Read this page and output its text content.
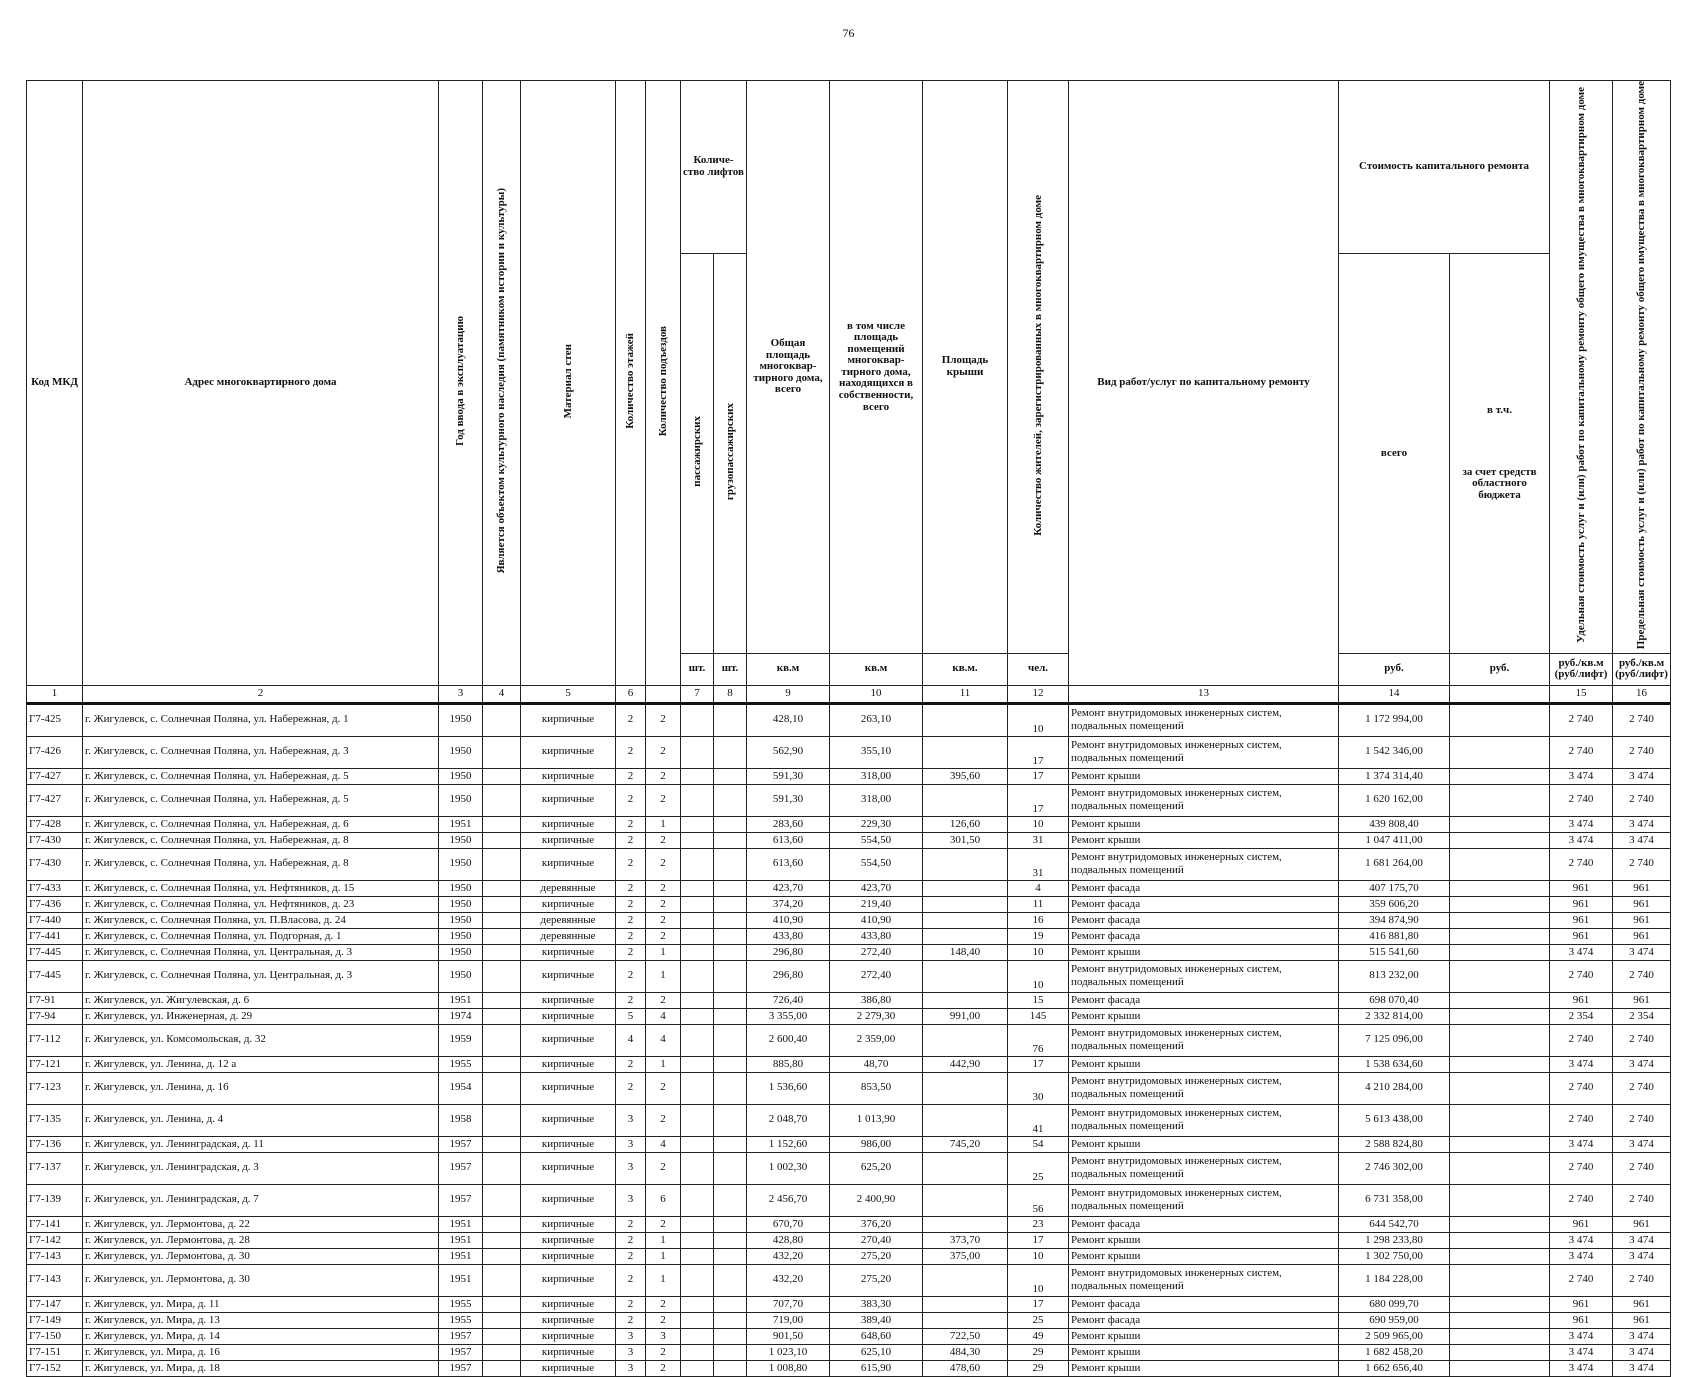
76
Код МКД	Адрес многоквартирного дома	Год ввода в эксплуатацию	Является объектом культурного наследия (памятником истории и культуры)	Материал стен	Количество этажей	Количество подъездов	Количе-ство лифтов		Общая площадь многоквар-тирного дома, всего	в том числе площадь помещений многоквар-тирного дома, находящихся в собственности, всего	Площадь крыши	Количество жителей, зарегистрированных в многоквартирном доме	Вид работ/услуг по капитальному ремонту	Стоимость капитального ремонта		Удельная стоимость услуг и (или) работ по капитальному ремонту общего имущества в многоквартирном доме	Предельная стоимость услуг и (или) работ по капитальному ремонту общего имущества в многоквартирном доме
							пассажирских	грузопассажирских						всего	в т.ч.
за счет средств областного бюджета		

							шт.	шт.	кв.м	кв.м	кв.м.	чел.		руб.	руб.	руб./кв.м (руб/лифт)	руб./кв.м (руб/лифт)
1	2	3	4	5	6		7	8	9	10	11	12	13	14		15	16
Г7-425	г. Жигулевск, с. Солнечная Поляна, ул. Набережная, д. 1	1950		кирпичные	2	2			428,10	263,10		10	Ремонт внутридомовых инженерных систем, подвальных помещений	1 172 994,00		2 740	2 740
Г7-426	г. Жигулевск, с. Солнечная Поляна, ул. Набережная, д. 3	1950		кирпичные	2	2			562,90	355,10		17	Ремонт внутридомовых инженерных систем, подвальных помещений	1 542 346,00		2 740	2 740
Г7-427	г. Жигулевск, с. Солнечная Поляна, ул. Набережная, д. 5	1950		кирпичные	2	2			591,30	318,00	395,60	17	Ремонт крыши	1 374 314,40		3 474	3 474
Г7-427	г. Жигулевск, с. Солнечная Поляна, ул. Набережная, д. 5	1950		кирпичные	2	2			591,30	318,00		17	Ремонт внутридомовых инженерных систем, подвальных помещений	1 620 162,00		2 740	2 740
Г7-428	г. Жигулевск, с. Солнечная Поляна, ул. Набережная, д. 6	1951		кирпичные	2	1			283,60	229,30	126,60	10	Ремонт крыши	439 808,40		3 474	3 474
Г7-430	г. Жигулевск, с. Солнечная Поляна, ул. Набережная, д. 8	1950		кирпичные	2	2			613,60	554,50	301,50	31	Ремонт крыши	1 047 411,00		3 474	3 474
Г7-430	г. Жигулевск, с. Солнечная Поляна, ул. Набережная, д. 8	1950		кирпичные	2	2			613,60	554,50		31	Ремонт внутридомовых инженерных систем, подвальных помещений	1 681 264,00		2 740	2 740
Г7-433	г. Жигулевск, с. Солнечная Поляна, ул. Нефтяников, д. 15	1950		деревянные	2	2			423,70	423,70		4	Ремонт фасада	407 175,70		961	961
Г7-436	г. Жигулевск, с. Солнечная Поляна, ул. Нефтяников, д. 23	1950		кирпичные	2	2			374,20	219,40		11	Ремонт фасада	359 606,20		961	961
Г7-440	г. Жигулевск, с. Солнечная Поляна, ул. П.Власова, д. 24	1950		деревянные	2	2			410,90	410,90		16	Ремонт фасада	394 874,90		961	961
Г7-441	г. Жигулевск, с. Солнечная Поляна, ул. Подгорная, д. 1	1950		деревянные	2	2			433,80	433,80		19	Ремонт фасада	416 881,80		961	961
Г7-445	г. Жигулевск, с. Солнечная Поляна, ул. Центральная, д. 3	1950		кирпичные	2	1			296,80	272,40	148,40	10	Ремонт крыши	515 541,60		3 474	3 474
Г7-445	г. Жигулевск, с. Солнечная Поляна, ул. Центральная, д. 3	1950		кирпичные	2	1			296,80	272,40		10	Ремонт внутридомовых инженерных систем, подвальных помещений	813 232,00		2 740	2 740
Г7-91	г. Жигулевск, ул. Жигулевская, д. 6	1951		кирпичные	2	2			726,40	386,80		15	Ремонт фасада	698 070,40		961	961
Г7-94	г. Жигулевск, ул. Инженерная, д. 29	1974		кирпичные	5	4			3 355,00	2 279,30	991,00	145	Ремонт крыши	2 332 814,00		2 354	2 354
Г7-112	г. Жигулевск, ул. Комсомольская, д. 32	1959		кирпичные	4	4			2 600,40	2 359,00		76	Ремонт внутридомовых инженерных систем, подвальных помещений	7 125 096,00		2 740	2 740
Г7-121	г. Жигулевск, ул. Ленина, д. 12 а	1955		кирпичные	2	1			885,80	48,70	442,90	17	Ремонт крыши	1 538 634,60		3 474	3 474
Г7-123	г. Жигулевск, ул. Ленина, д. 16	1954		кирпичные	2	2			1 536,60	853,50		30	Ремонт внутридомовых инженерных систем, подвальных помещений	4 210 284,00		2 740	2 740
Г7-135	г. Жигулевск, ул. Ленина, д. 4	1958		кирпичные	3	2			2 048,70	1 013,90		41	Ремонт внутридомовых инженерных систем, подвальных помещений	5 613 438,00		2 740	2 740
Г7-136	г. Жигулевск, ул. Ленинградская, д. 11	1957		кирпичные	3	4			1 152,60	986,00	745,20	54	Ремонт крыши	2 588 824,80		3 474	3 474
Г7-137	г. Жигулевск, ул. Ленинградская, д. 3	1957		кирпичные	3	2			1 002,30	625,20		25	Ремонт внутридомовых инженерных систем, подвальных помещений	2 746 302,00		2 740	2 740
Г7-139	г. Жигулевск, ул. Ленинградская, д. 7	1957		кирпичные	3	6			2 456,70	2 400,90		56	Ремонт внутридомовых инженерных систем, подвальных помещений	6 731 358,00		2 740	2 740
Г7-141	г. Жигулевск, ул. Лермонтова, д. 22	1951		кирпичные	2	2			670,70	376,20		23	Ремонт фасада	644 542,70		961	961
Г7-142	г. Жигулевск, ул. Лермонтова, д. 28	1951		кирпичные	2	1			428,80	270,40	373,70	17	Ремонт крыши	1 298 233,80		3 474	3 474
Г7-143	г. Жигулевск, ул. Лермонтова, д. 30	1951		кирпичные	2	1			432,20	275,20	375,00	10	Ремонт крыши	1 302 750,00		3 474	3 474
Г7-143	г. Жигулевск, ул. Лермонтова, д. 30	1951		кирпичные	2	1			432,20	275,20		10	Ремонт внутридомовых инженерных систем, подвальных помещений	1 184 228,00		2 740	2 740
Г7-147	г. Жигулевск, ул. Мира, д. 11	1955		кирпичные	2	2			707,70	383,30		17	Ремонт фасада	680 099,70		961	961
Г7-149	г. Жигулевск, ул. Мира, д. 13	1955		кирпичные	2	2			719,00	389,40		25	Ремонт фасада	690 959,00		961	961
Г7-150	г. Жигулевск, ул. Мира, д. 14	1957		кирпичные	3	3			901,50	648,60	722,50	49	Ремонт крыши	2 509 965,00		3 474	3 474
Г7-151	г. Жигулевск, ул. Мира, д. 16	1957		кирпичные	3	2			1 023,10	625,10	484,30	29	Ремонт крыши	1 682 458,20		3 474	3 474
Г7-152	г. Жигулевск, ул. Мира, д. 18	1957		кирпичные	3	2			1 008,80	615,90	478,60	29	Ремонт крыши	1 662 656,40		3 474	3 474
